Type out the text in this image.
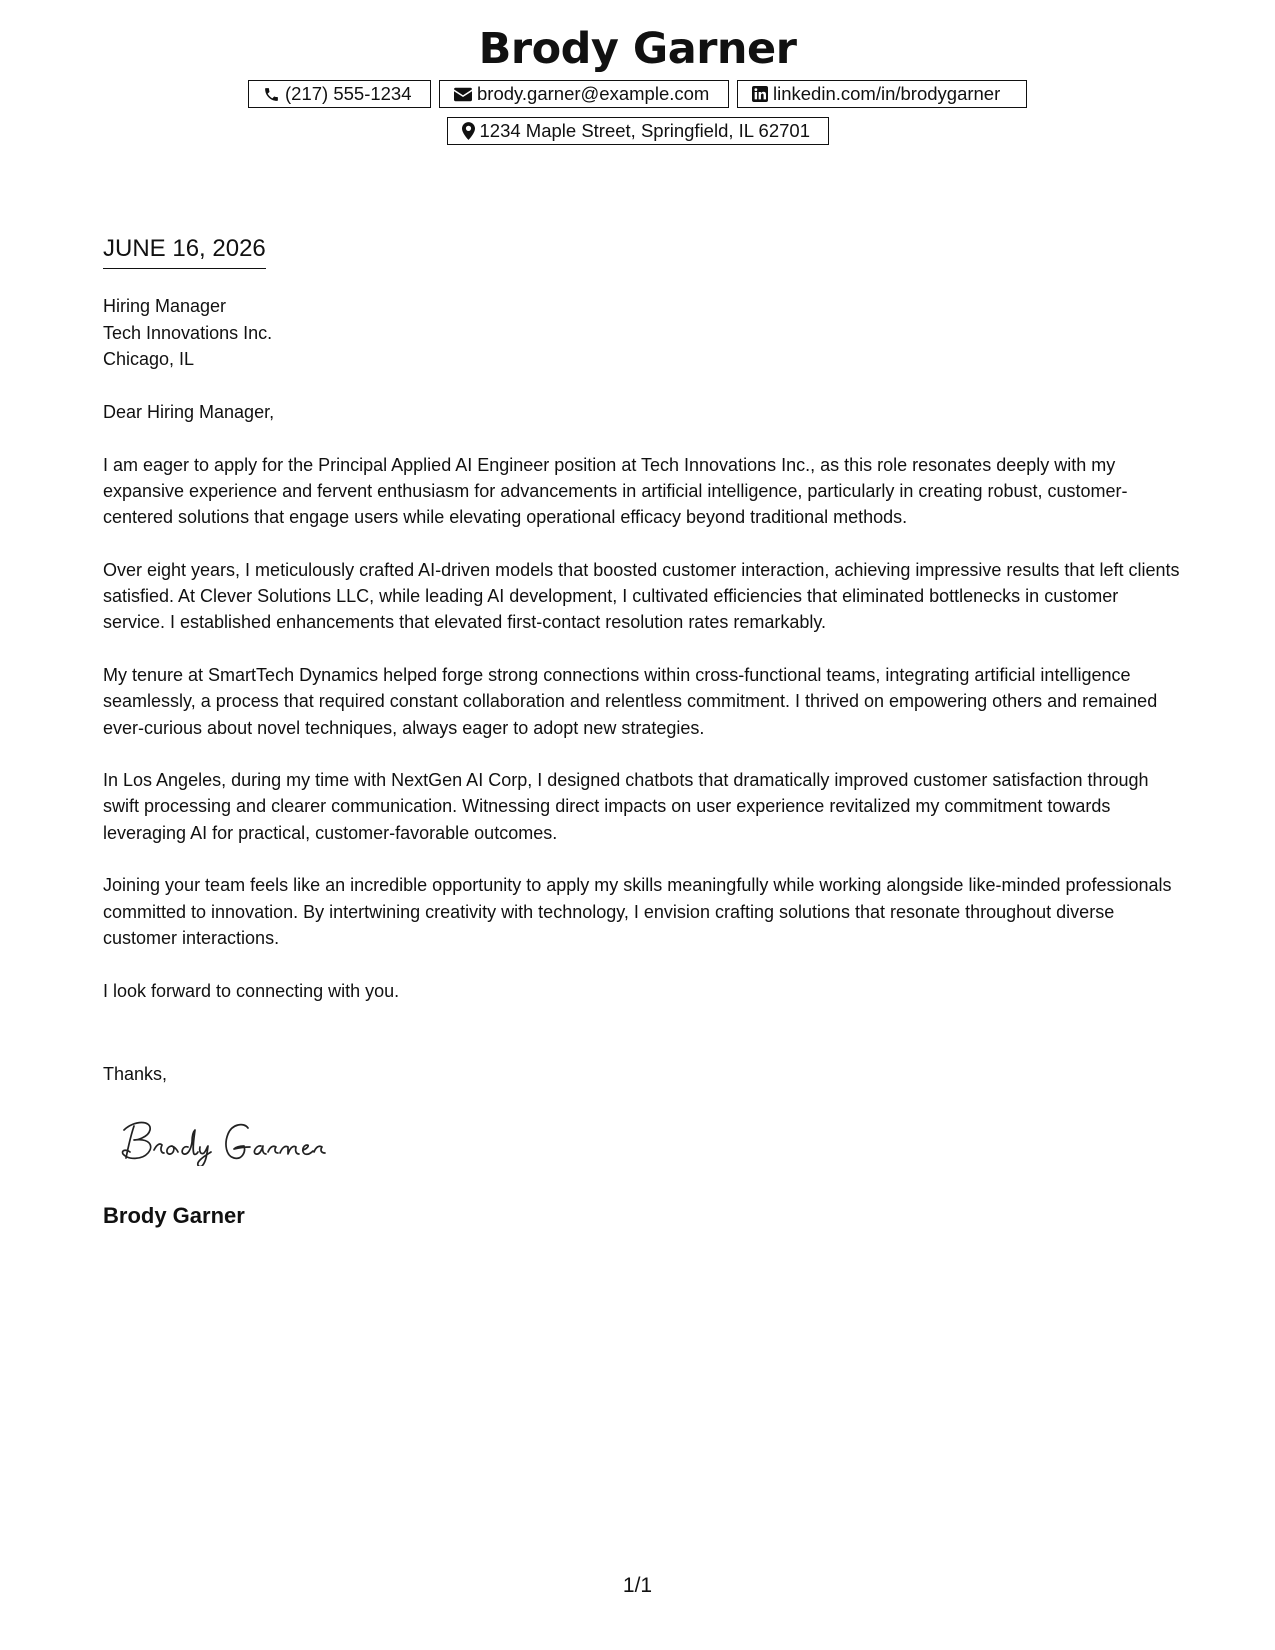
Brody Garner
(217) 555-1234	brody.garner@example.com	linkedin.com/in/brodygarner
1234 Maple Street, Springfield, IL 62701
JUNE 16, 2026
Hiring Manager
Tech Innovations Inc.
Chicago, IL

Dear Hiring Manager,

I am eager to apply for the Principal Applied AI Engineer position at Tech Innovations Inc., as this role resonates deeply with my expansive experience and fervent enthusiasm for advancements in artificial intelligence, particularly in creating robust, customer-centered solutions that engage users while elevating operational efficacy beyond traditional methods.

Over eight years, I meticulously crafted AI-driven models that boosted customer interaction, achieving impressive results that left clients satisfied. At Clever Solutions LLC, while leading AI development, I cultivated efficiencies that eliminated bottlenecks in customer service. I established enhancements that elevated first-contact resolution rates remarkably.

My tenure at SmartTech Dynamics helped forge strong connections within cross-functional teams, integrating artificial intelligence seamlessly, a process that required constant collaboration and relentless commitment. I thrived on empowering others and remained ever-curious about novel techniques, always eager to adopt new strategies.

In Los Angeles, during my time with NextGen AI Corp, I designed chatbots that dramatically improved customer satisfaction through swift processing and clearer communication. Witnessing direct impacts on user experience revitalized my commitment towards leveraging AI for practical, customer-favorable outcomes.

Joining your team feels like an incredible opportunity to apply my skills meaningfully while working alongside like-minded professionals committed to innovation. By intertwining creativity with technology, I envision crafting solutions that resonate throughout diverse customer interactions.

I look forward to connecting with you.

Thanks,
Brody Garner
1/1
